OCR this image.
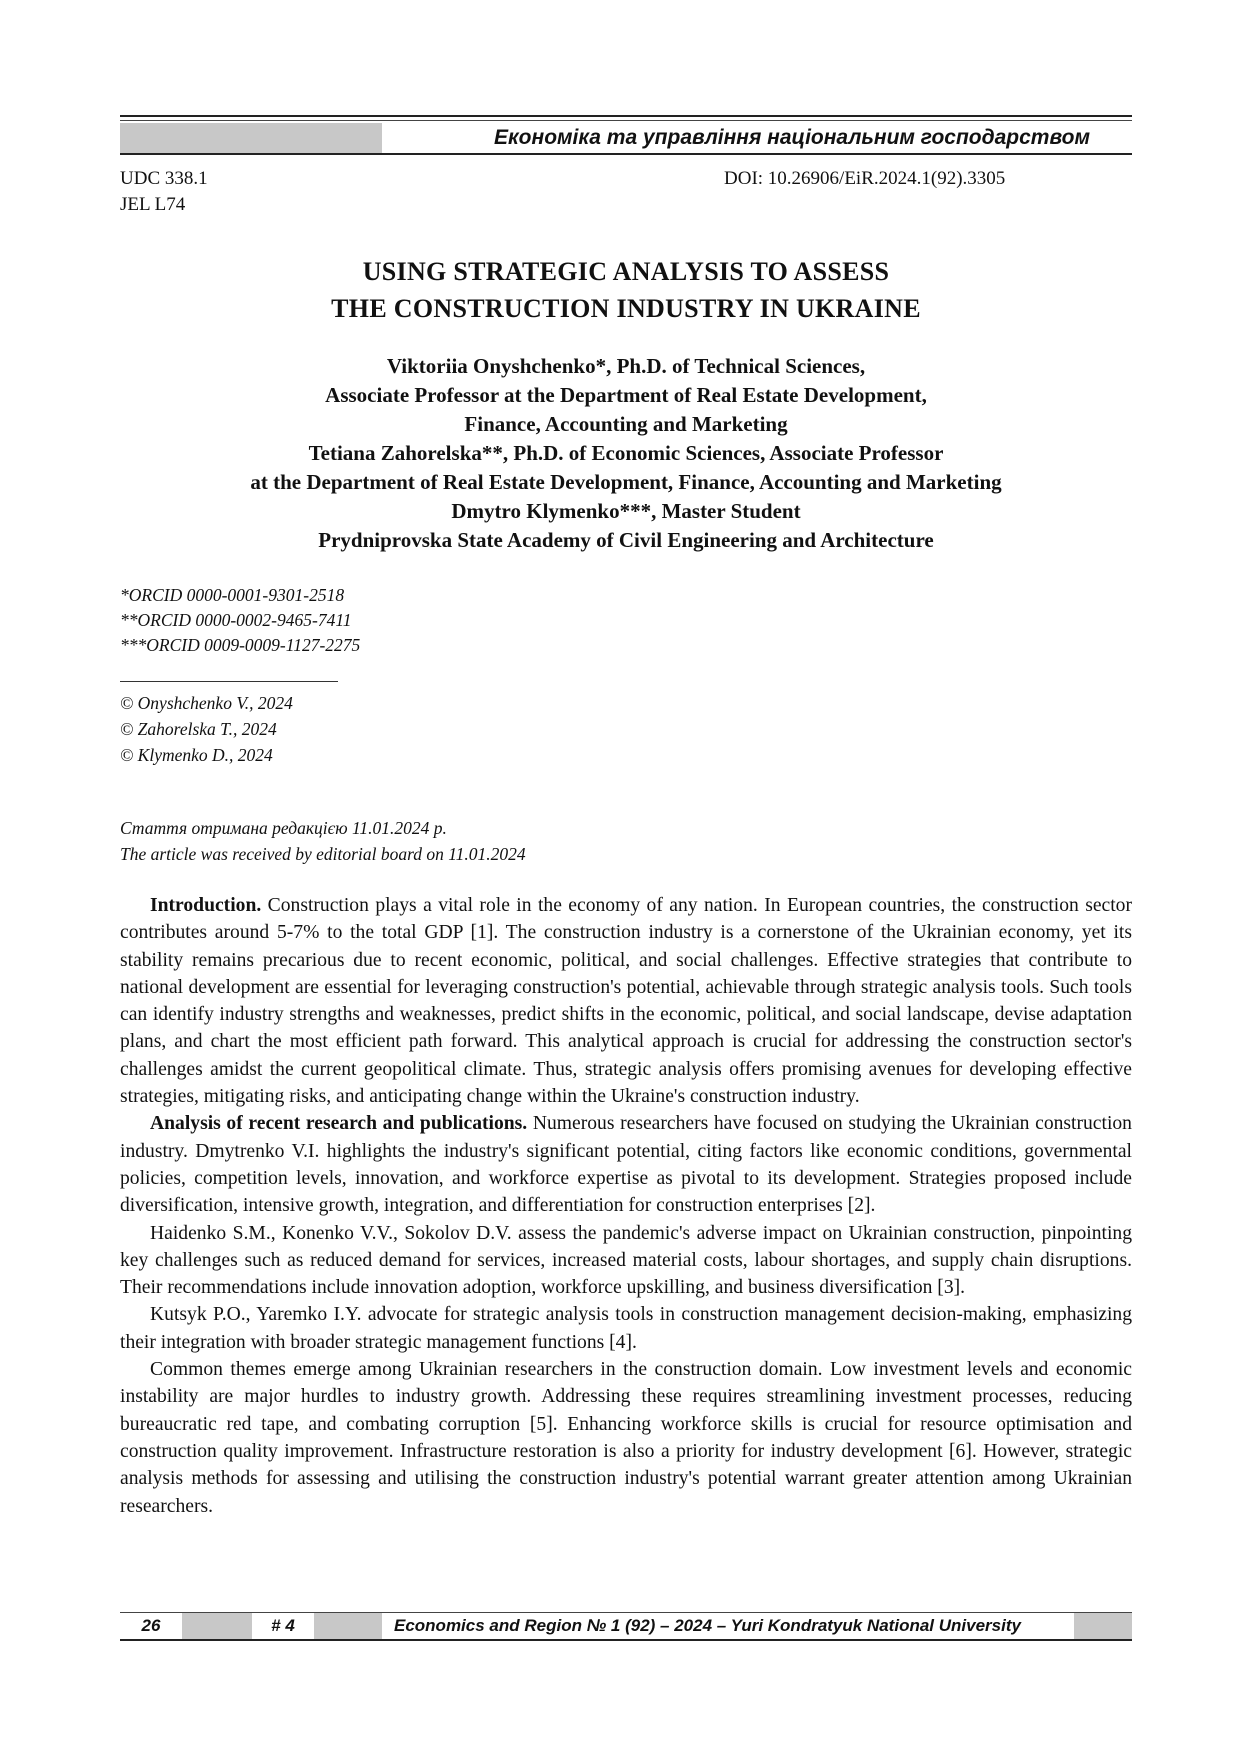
Економіка та управління національним господарством
UDC 338.1
JEL L74
DOI: 10.26906/EiR.2024.1(92).3305
USING STRATEGIC ANALYSIS TO ASSESS
THE CONSTRUCTION INDUSTRY IN UKRAINE
Viktoriia Onyshchenko*, Ph.D. of Technical Sciences,
Associate Professor at the Department of Real Estate Development,
Finance, Accounting and Marketing
Tetiana Zahorelska**, Ph.D. of Economic Sciences, Associate Professor
at the Department of Real Estate Development, Finance, Accounting and Marketing
Dmytro Klymenko***, Master Student
Prydniprovska State Academy of Civil Engineering and Architecture
*ORCID 0000-0001-9301-2518
**ORCID 0000-0002-9465-7411
***ORCID 0009-0009-1127-2275
© Onyshchenko V., 2024
© Zahorelska T., 2024
© Klymenko D., 2024
Стаття отримана редакцією 11.01.2024 р.
The article was received by editorial board on 11.01.2024

Introduction. Construction plays a vital role in the economy of any nation. In European countries, the construction sector contributes around 5-7% to the total GDP [1]. The construction industry is a cornerstone of the Ukrainian economy, yet its stability remains precarious due to recent economic, political, and social challenges. Effective strategies that contribute to national development are essential for leveraging construction's potential, achievable through strategic analysis tools. Such tools can identify industry strengths and weaknesses, predict shifts in the economic, political, and social landscape, devise adaptation plans, and chart the most efficient path forward. This analytical approach is crucial for addressing the construction sector's challenges amidst the current geopolitical climate. Thus, strategic analysis offers promising avenues for developing effective strategies, mitigating risks, and anticipating change within the Ukraine's construction industry.

Analysis of recent research and publications. Numerous researchers have focused on studying the Ukrainian construction industry. Dmytrenko V.I. highlights the industry's significant potential, citing factors like economic conditions, governmental policies, competition levels, innovation, and workforce expertise as pivotal to its development. Strategies proposed include diversification, intensive growth, integration, and differentiation for construction enterprises [2].

Haidenko S.M., Konenko V.V., Sokolov D.V. assess the pandemic's adverse impact on Ukrainian construction, pinpointing key challenges such as reduced demand for services, increased material costs, labour shortages, and supply chain disruptions. Their recommendations include innovation adoption, workforce upskilling, and business diversification [3].

Kutsyk P.O., Yaremko I.Y. advocate for strategic analysis tools in construction management decision-making, emphasizing their integration with broader strategic management functions [4].

Common themes emerge among Ukrainian researchers in the construction domain. Low investment levels and economic instability are major hurdles to industry growth. Addressing these requires streamlining investment processes, reducing bureaucratic red tape, and combating corruption [5]. Enhancing workforce skills is crucial for resource optimisation and construction quality improvement. Infrastructure restoration is also a priority for industry development [6]. However, strategic analysis methods for assessing and utilising the construction industry's potential warrant greater attention among Ukrainian researchers.

26	# 4	Economics and Region № 1 (92) – 2024 – Yuri Kondratyuk National University
